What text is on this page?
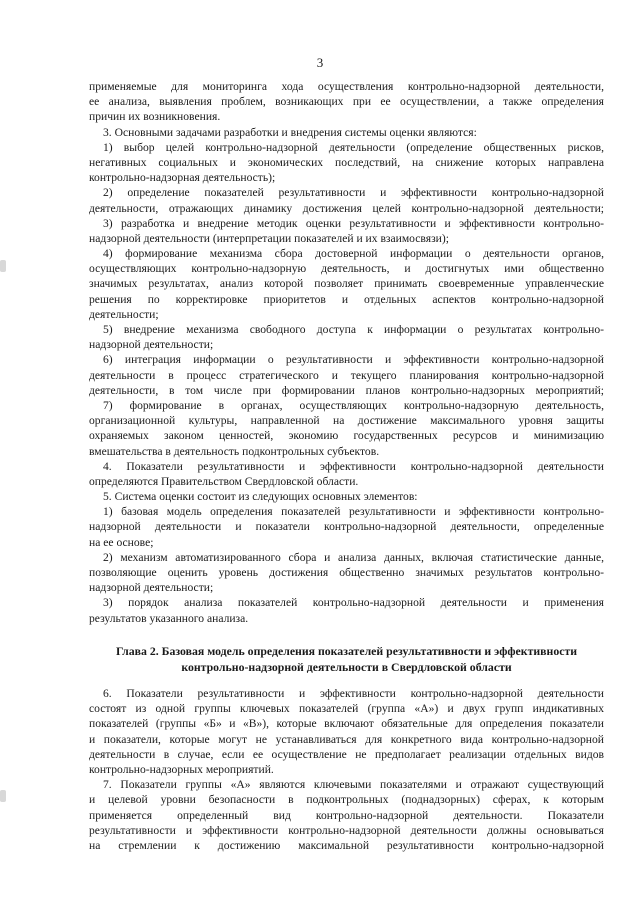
3
применяемые для мониторинга хода осуществления контрольно-надзорной деятельности,
ее анализа, выявления проблем, возникающих при ее осуществлении, а также определения
причин их возникновения.
3. Основными задачами разработки и внедрения системы оценки являются:
1) выбор целей контрольно-надзорной деятельности (определение общественных рисков,
негативных социальных и экономических последствий, на снижение которых направлена
контрольно-надзорная деятельность);
2) определение показателей результативности и эффективности контрольно-надзорной
деятельности, отражающих динамику достижения целей контрольно-надзорной деятельности;
3) разработка и внедрение методик оценки результативности и эффективности контрольно-
надзорной деятельности (интерпретации показателей и их взаимосвязи);
4) формирование механизма сбора достоверной информации о деятельности органов,
осуществляющих контрольно-надзорную деятельность, и достигнутых ими общественно
значимых результатах, анализ которой позволяет принимать своевременные управленческие
решения по корректировке приоритетов и отдельных аспектов контрольно-надзорной
деятельности;
5) внедрение механизма свободного доступа к информации о результатах контрольно-
надзорной деятельности;
6) интеграция информации о результативности и эффективности контрольно-надзорной
деятельности в процесс стратегического и текущего планирования контрольно-надзорной
деятельности, в том числе при формировании планов контрольно-надзорных мероприятий;
7) формирование в органах, осуществляющих контрольно-надзорную деятельность,
организационной культуры, направленной на достижение максимального уровня защиты
охраняемых законом ценностей, экономию государственных ресурсов и минимизацию
вмешательства в деятельность подконтрольных субъектов.
4. Показатели результативности и эффективности контрольно-надзорной деятельности
определяются Правительством Свердловской области.
5. Система оценки состоит из следующих основных элементов:
1) базовая модель определения показателей результативности и эффективности контрольно-
надзорной деятельности и показатели контрольно-надзорной деятельности, определенные
на ее основе;
2) механизм автоматизированного сбора и анализа данных, включая статистические данные,
позволяющие оценить уровень достижения общественно значимых результатов контрольно-
надзорной деятельности;
3) порядок анализа показателей контрольно-надзорной деятельности и применения
результатов указанного анализа.
Глава 2. Базовая модель определения показателей результативности и эффективности
контрольно-надзорной деятельности в Свердловской области
6. Показатели результативности и эффективности контрольно-надзорной деятельности
состоят из одной группы ключевых показателей (группа «А») и двух групп индикативных
показателей (группы «Б» и «В»), которые включают обязательные для определения показатели
и показатели, которые могут не устанавливаться для конкретного вида контрольно-надзорной
деятельности в случае, если ее осуществление не предполагает реализации отдельных видов
контрольно-надзорных мероприятий.
7. Показатели группы «А» являются ключевыми показателями и отражают существующий
и целевой уровни безопасности в подконтрольных (поднадзорных) сферах, к которым
применяется определенный вид контрольно-надзорной деятельности. Показатели
результативности и эффективности контрольно-надзорной деятельности должны основываться
на стремлении к достижению максимальной результативности контрольно-надзорной
